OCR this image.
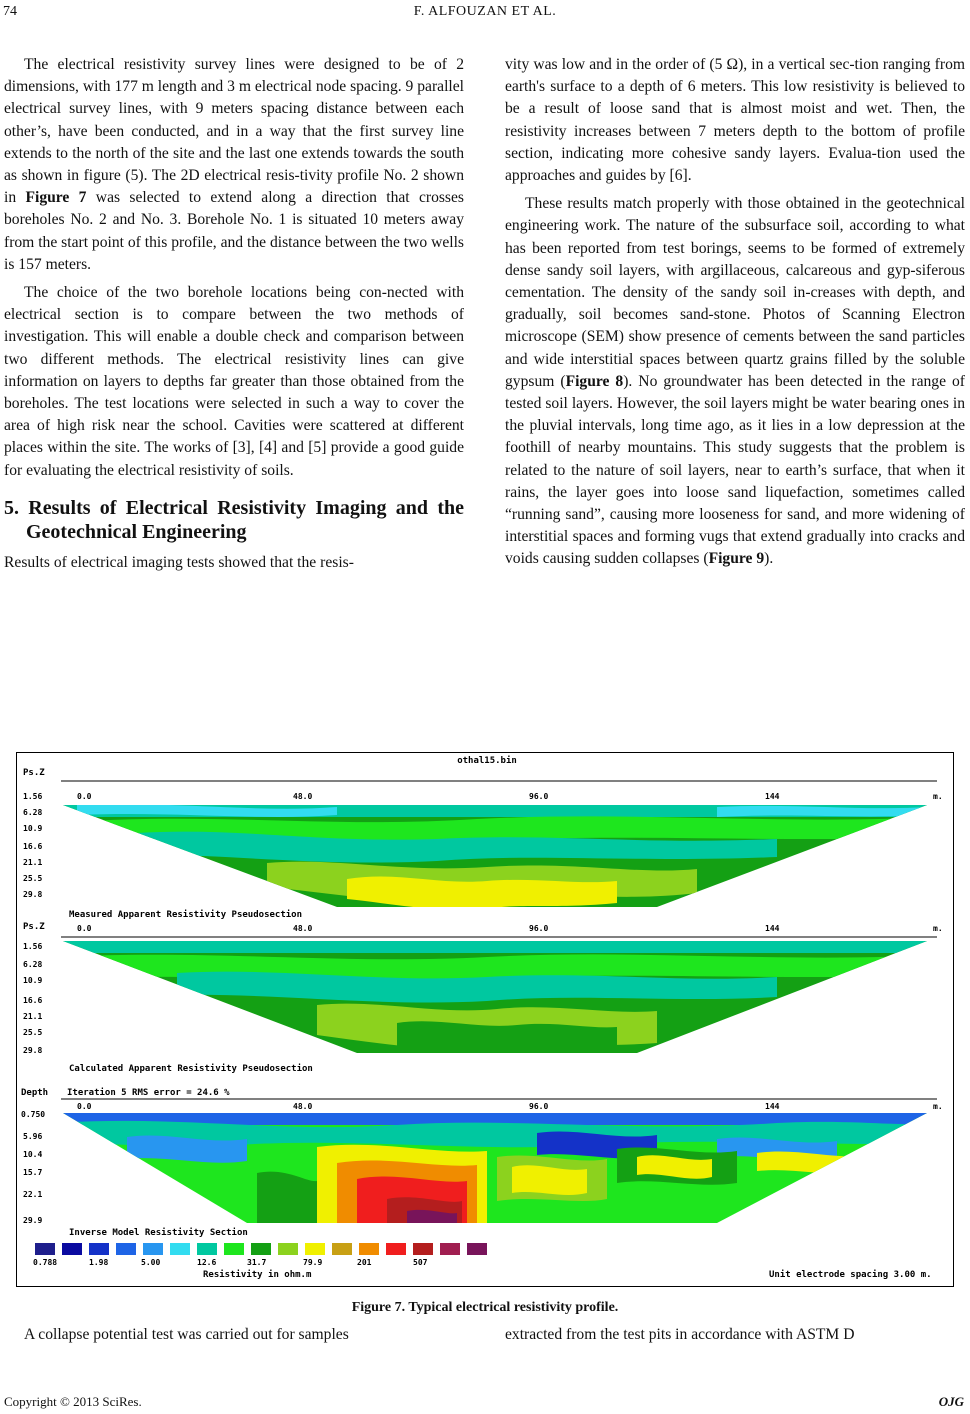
74	F. ALFOUZAN ET AL.

The electrical resistivity survey lines were designed to be of 2 dimensions, with 177 m length and 3 m electrical node spacing. 9 parallel electrical survey lines, with 9 meters spacing distance between each other’s, have been conducted, and in a way that the first survey line extends to the north of the site and the last one extends towards the south as shown in figure (5). The 2D electrical resis-tivity profile No. 2 shown in Figure 7 was selected to extend along a direction that crosses boreholes No. 2 and No. 3. Borehole No. 1 is situated 10 meters away from the start point of this profile, and the distance between the two wells is 157 meters.

The choice of the two borehole locations being con-nected with electrical section is to compare between the two methods of investigation. This will enable a double check and comparison between two different methods. The electrical resistivity lines can give information on layers to depths far greater than those obtained from the boreholes. The test locations were selected in such a way to cover the area of high risk near the school. Cavities were scattered at different places within the site. The works of [3], [4] and [5] provide a good guide for evaluating the electrical resistivity of soils.

5. Results of Electrical Resistivity Imaging and the Geotechnical Engineering

Results of electrical imaging tests showed that the resis-

vity was low and in the order of (5 Ω), in a vertical sec-tion ranging from earth's surface to a depth of 6 meters. This low resistivity is believed to be a result of loose sand that is almost moist and wet. Then, the resistivity increases between 7 meters depth to the bottom of profile section, indicating more cohesive sandy layers. Evalua-tion used the approaches and guides by [6].

These results match properly with those obtained in the geotechnical engineering work. The nature of the subsurface soil, according to what has been reported from test borings, seems to be formed of extremely dense sandy soil layers, with argillaceous, calcareous and gyp-siferous cementation. The density of the sandy soil in-creases with depth, and gradually, soil becomes sand-stone. Photos of Scanning Electron microscope (SEM) show presence of cements between the sand particles and wide interstitial spaces between quartz grains filled by the soluble gypsum (Figure 8). No groundwater has been detected in the range of tested soil layers. However, the soil layers might be water bearing ones in the pluvial intervals, long time ago, as it lies in a low depression at the foothill of nearby mountains. This study suggests that the problem is related to the nature of soil layers, near to earth’s surface, that when it rains, the layer goes into loose sand liquefaction, sometimes called “running sand”, causing more looseness for sand, and more widening of interstitial spaces and forming vugs that extend gradually into cracks and voids causing sudden collapses (Figure 9).

othal15.bin
Ps.Z
0.0	48.0	96.0	144	m.
1.56
6.28
10.9
16.6
21.1
25.5
29.8
Measured Apparent Resistivity Pseudosection
Ps.Z	0.0	48.0	96.0	144	m.
1.56
6.28
10.9
16.6
21.1
25.5
29.8
Calculated Apparent Resistivity Pseudosection
Depth Iteration 5 RMS error = 24.6 %
0.0	48.0	96.0	144	m.
0.750
5.96
10.4
15.7
22.1
29.9
Inverse Model Resistivity Section
0.788	1.98	5.00	12.6	31.7	79.9	201	507
Resistivity in ohm.m	Unit electrode spacing 3.00 m.
Figure 7. Typical electrical resistivity profile.
A collapse potential test was carried out for samples	extracted from the test pits in accordance with ASTM D
Copyright © 2013 SciRes.	OJG
